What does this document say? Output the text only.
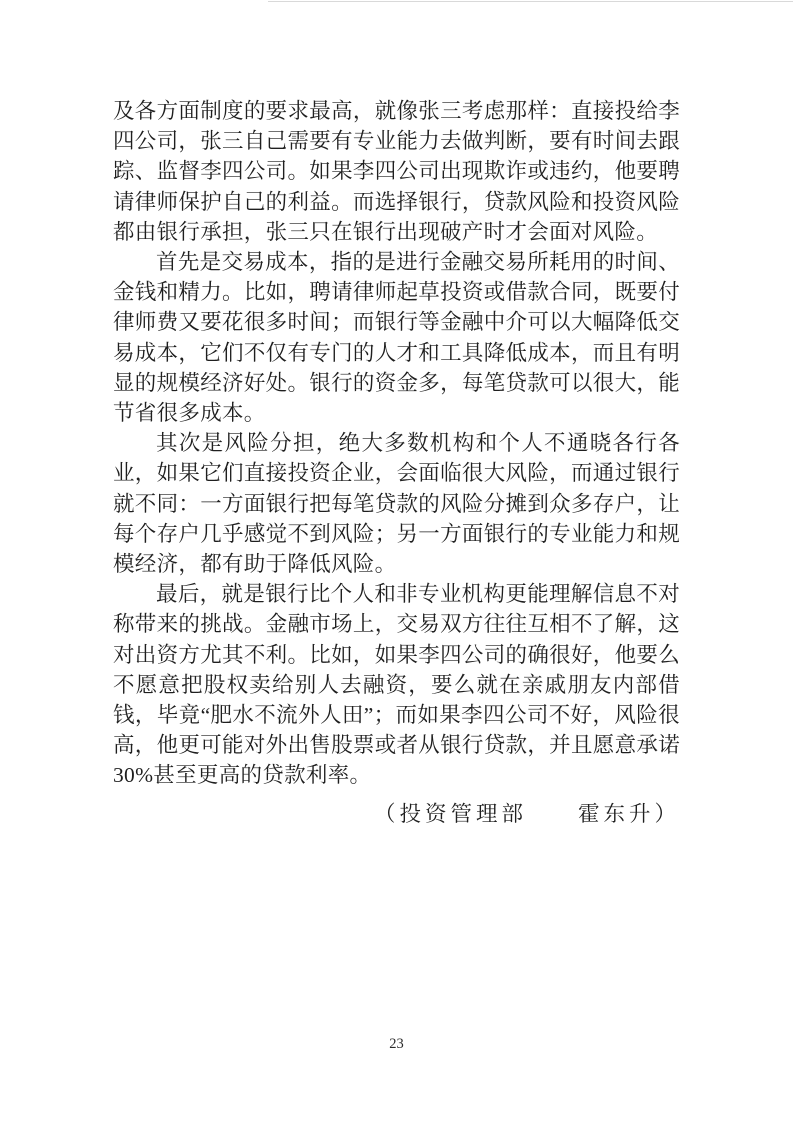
及各方面制度的要求最高，就像张三考虑那样：直接投给李四公司，张三自己需要有专业能力去做判断，要有时间去跟踪、监督李四公司。如果李四公司出现欺诈或违约，他要聘请律师保护自己的利益。而选择银行，贷款风险和投资风险都由银行承担，张三只在银行出现破产时才会面对风险。

首先是交易成本，指的是进行金融交易所耗用的时间、金钱和精力。比如，聘请律师起草投资或借款合同，既要付律师费又要花很多时间；而银行等金融中介可以大幅降低交易成本，它们不仅有专门的人才和工具降低成本，而且有明显的规模经济好处。银行的资金多，每笔贷款可以很大，能节省很多成本。

其次是风险分担，绝大多数机构和个人不通晓各行各业，如果它们直接投资企业，会面临很大风险，而通过银行就不同：一方面银行把每笔贷款的风险分摊到众多存户，让每个存户几乎感觉不到风险；另一方面银行的专业能力和规模经济，都有助于降低风险。

最后，就是银行比个人和非专业机构更能理解信息不对称带来的挑战。金融市场上，交易双方往往互相不了解，这对出资方尤其不利。比如，如果李四公司的确很好，他要么不愿意把股权卖给别人去融资，要么就在亲戚朋友内部借钱，毕竟“肥水不流外人田”；而如果李四公司不好，风险很高，他更可能对外出售股票或者从银行贷款，并且愿意承诺 30%甚至更高的贷款利率。

（投资管理部　　霍东升）

23
